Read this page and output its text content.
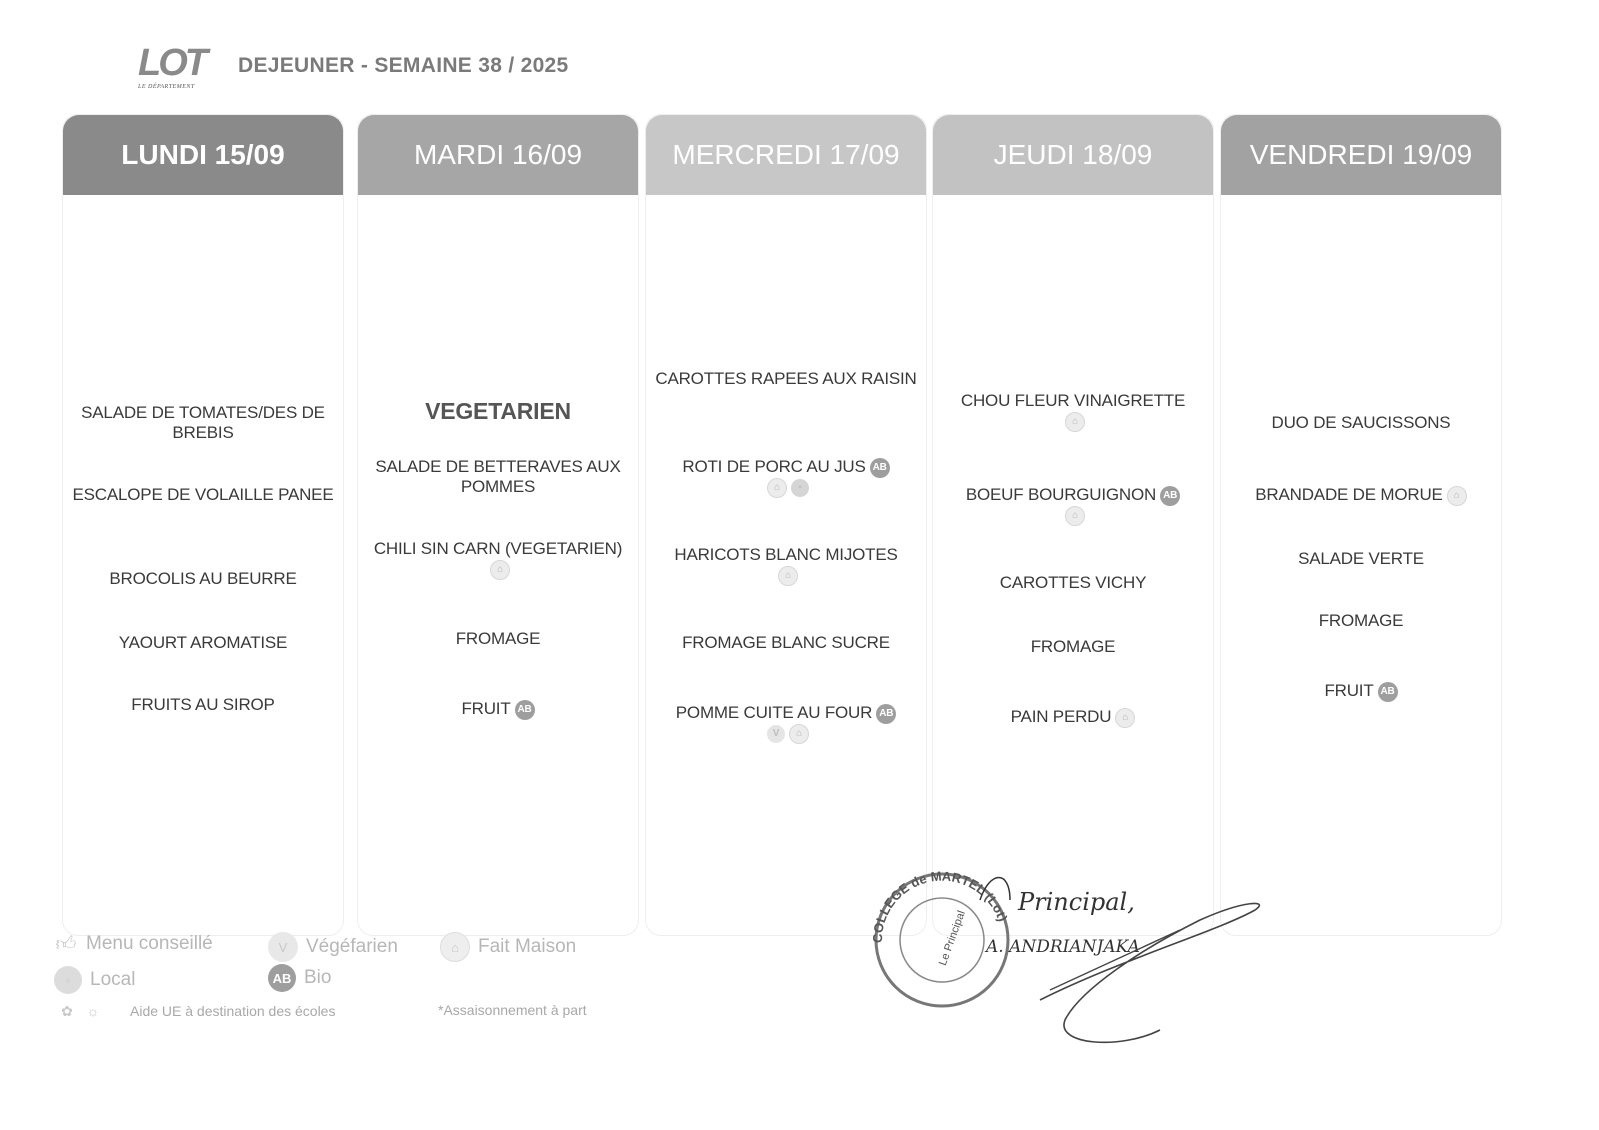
LOT
LE DÉPARTEMENT
DEJEUNER - SEMAINE 38 / 2025
LUNDI 15/09
SALADE DE TOMATES/DES DE BREBIS
ESCALOPE DE VOLAILLE PANEE
BROCOLIS AU BEURRE
YAOURT AROMATISE
FRUITS AU SIROP
MARDI 16/09
VEGETARIEN
SALADE DE BETTERAVES AUX POMMES
CHILI SIN CARN (VEGETARIEN)⌂
FROMAGE
FRUIT AB
MERCREDI 17/09
CAROTTES RAPEES AUX RAISIN
ROTI DE PORC AU JUS AB
⌂ ◦
HARICOTS BLANC MIJOTES
⌂
FROMAGE BLANC SUCRE
POMME CUITE AU FOUR AB
V ⌂
JEUDI 18/09
CHOU FLEUR VINAIGRETTE
⌂
BOEUF BOURGUIGNON AB
⌂
CAROTTES VICHY
FROMAGE
PAIN PERDU ⌂
VENDREDI 19/09
DUO DE SAUCISSONS
BRANDADE DE MORUE ⌂
SALADE VERTE
FROMAGE
FRUIT AB
👍︎ Menu conseillé	V Végéfarien	⌂	Fait Maison
◦	Local	AB Bio
✿ ☼ Aide UE à destination des écoles	*Assaisonnement à part
COLLEGE de MARTEL (Lot)
Le Principal
Principal,
A. ANDRIANJAKA
